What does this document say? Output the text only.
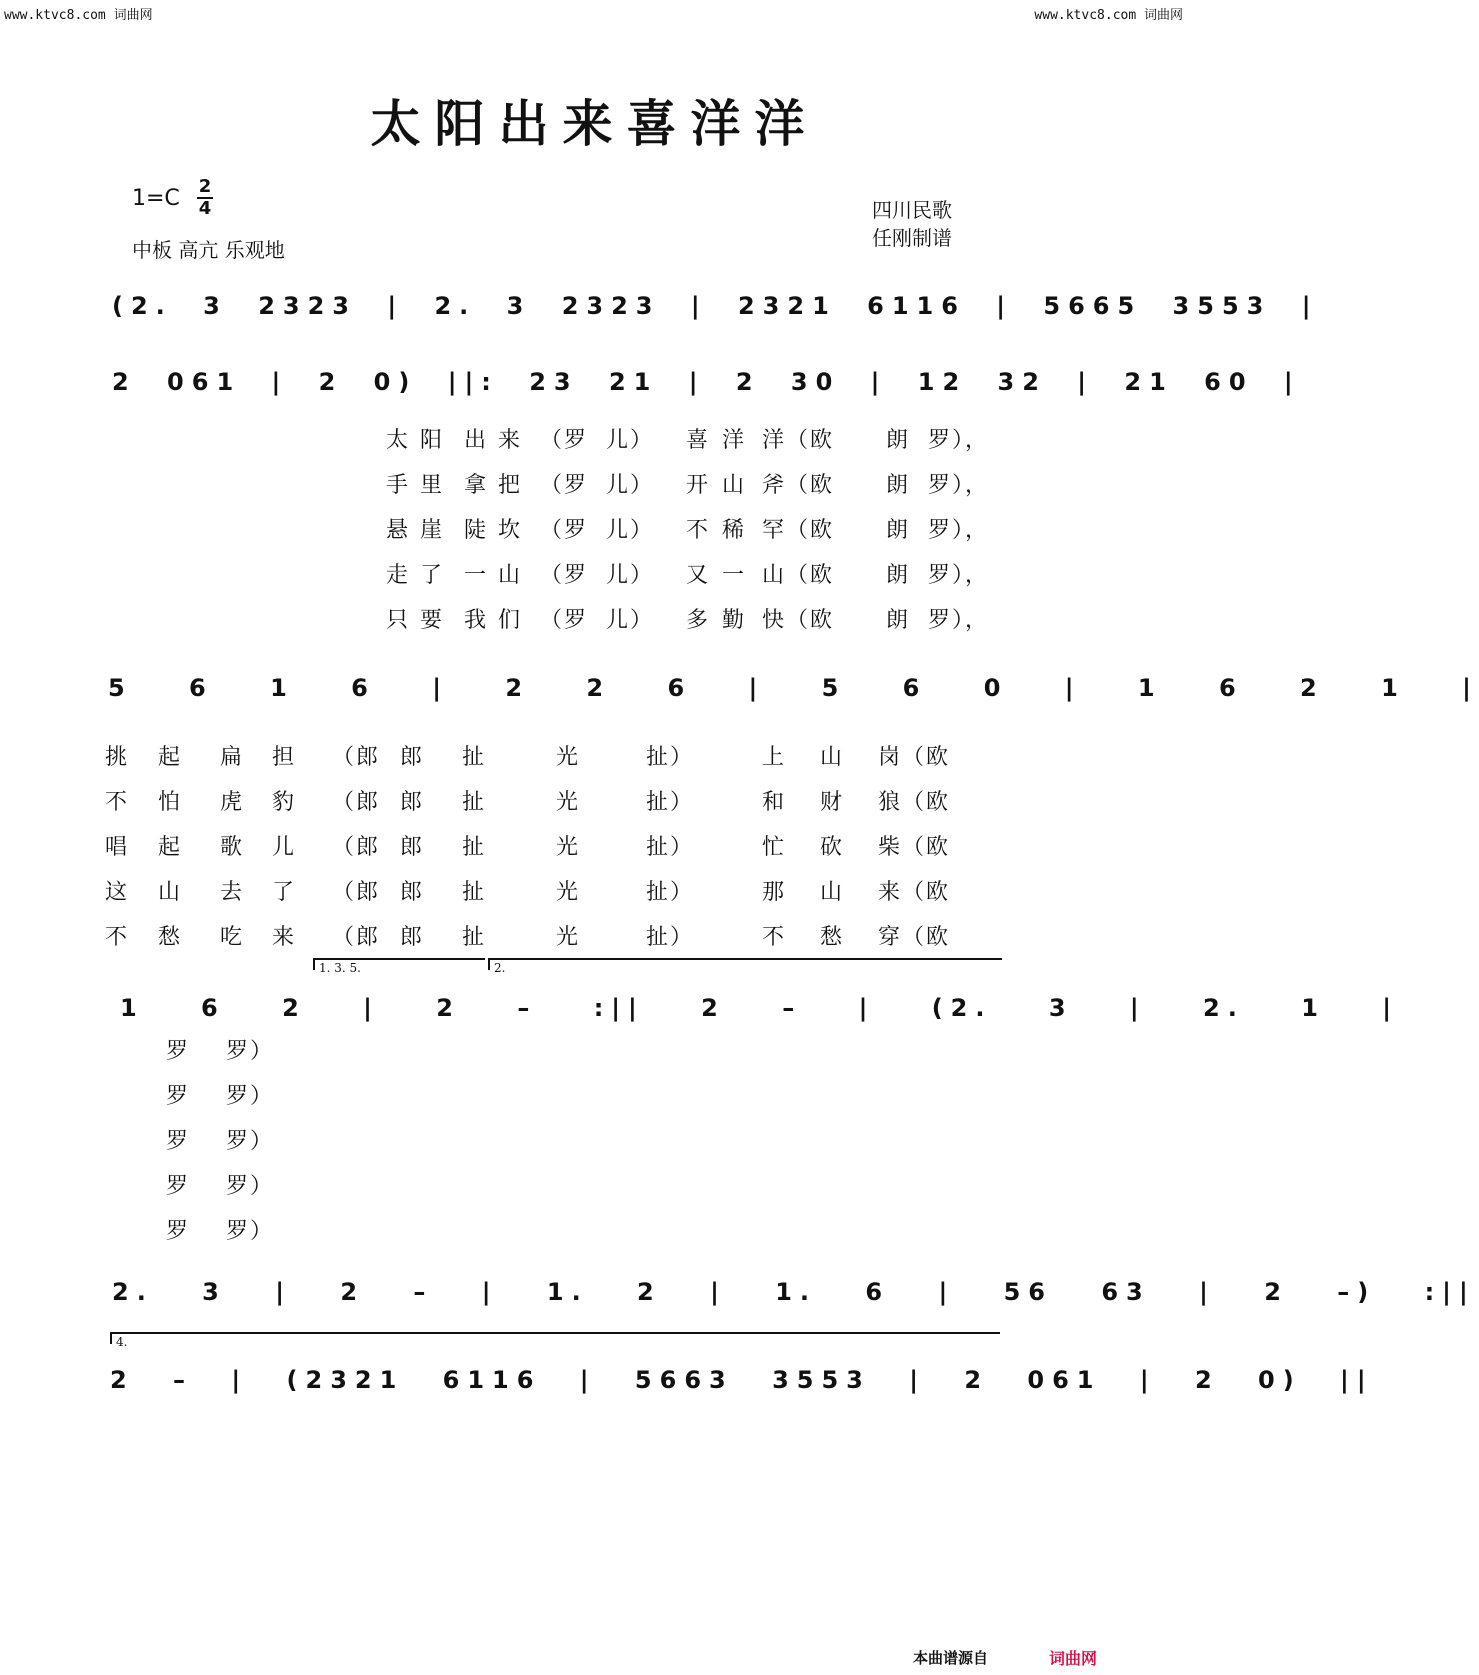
www.ktvc8.com 词曲网	www.ktvc8.com 词曲网
太阳出来喜洋洋
1=C 2
4
中板 高亢 乐观地
四川民歌
任刚制谱
(2. 3 2323 | 2. 3 2323 | 2321 6116 | 5665 3553 |
2 061 | 2 0) ||: 23 21 | 2 30 | 12 32 | 21 60 |
太 阳 出 来 （罗 儿） 喜 洋 洋（欧 朗 罗），
手 里 拿 把 （罗 儿） 开 山 斧（欧 朗 罗），
悬 崖 陡 坎 （罗 儿） 不 稀 罕（欧 朗 罗），
走 了 一 山 （罗 儿） 又 一 山（欧 朗 罗），
只 要 我 们 （罗 儿） 多 勤 快（欧 朗 罗），
5 6 1 6 | 2 2 6 | 5 6 0 | 1 6 2 1 |
挑 起 扁 担 （郎 郎 扯	光	扯）	上 山 岗（欧
不 怕 虎 豹 （郎 郎 扯	光	扯）	和 财 狼（欧
唱 起 歌 儿 （郎 郎 扯	光	扯）	忙 砍 柴（欧
这 山 去 了 （郎 郎 扯	光	扯）	那 山 来（欧
不 愁 吃 来 （郎 郎 扯	光	扯）	不 愁 穿（欧
1. 3. 5.	2.
1 6 2 | 2 – :|| 2 – | (2. 3 | 2. 1 |
罗 罗）
罗 罗）
罗 罗）
罗 罗）
罗 罗）
2. 3 | 2 – | 1. 2 | 1. 6 | 56 63 | 2 –) :||
4.
2 – | (2321 6116 | 5663 3553 | 2 061 | 2 0) ||
本曲谱源自	词曲网
